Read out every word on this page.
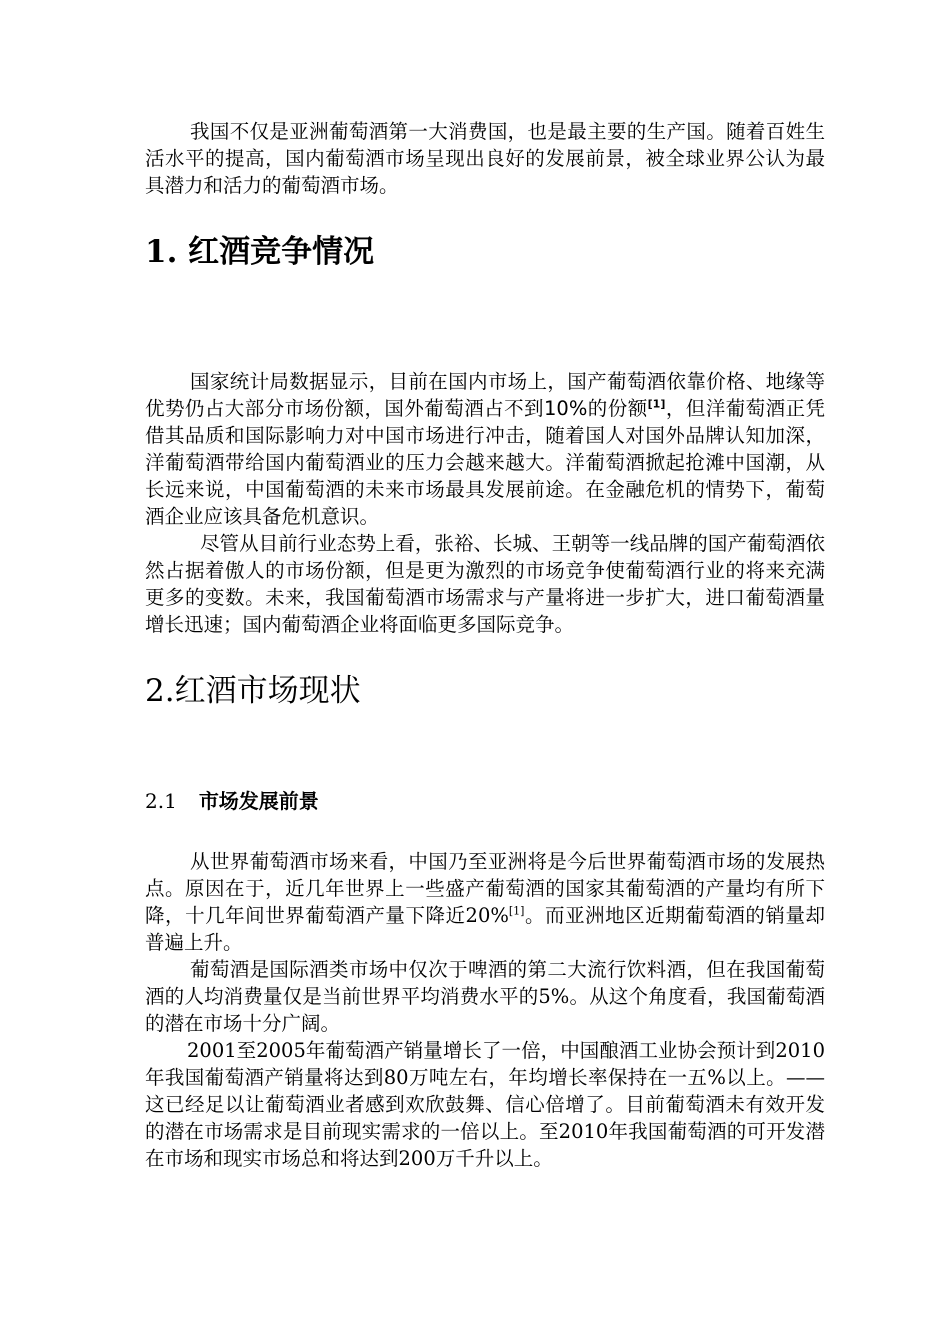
我国不仅是亚洲葡萄酒第一大消费国，也是最主要的生产国。随着百姓生活水平的提高，国内葡萄酒市场呈现出良好的发展前景，被全球业界公认为最具潜力和活力的葡萄酒市场。

1. 红酒竞争情况

国家统计局数据显示，目前在国内市场上，国产葡萄酒依靠价格、地缘等优势仍占大部分市场份额，国外葡萄酒占不到10%的份额[1]，但洋葡萄酒正凭借其品质和国际影响力对中国市场进行冲击，随着国人对国外品牌认知加深，洋葡萄酒带给国内葡萄酒业的压力会越来越大。洋葡萄酒掀起抢滩中国潮，从长远来说，中国葡萄酒的未来市场最具发展前途。在金融危机的情势下，葡萄酒企业应该具备危机意识。

尽管从目前行业态势上看，张裕、长城、王朝等一线品牌的国产葡萄酒依然占据着傲人的市场份额，但是更为激烈的市场竞争使葡萄酒行业的将来充满更多的变数。未来，我国葡萄酒市场需求与产量将进一步扩大，进口葡萄酒量增长迅速；国内葡萄酒企业将面临更多国际竞争。

2.红酒市场现状
2.1 市场发展前景

从世界葡萄酒市场来看，中国乃至亚洲将是今后世界葡萄酒市场的发展热点。原因在于，近几年世界上一些盛产葡萄酒的国家其葡萄酒的产量均有所下降，十几年间世界葡萄酒产量下降近20%[1]。而亚洲地区近期葡萄酒的销量却普遍上升。

葡萄酒是国际酒类市场中仅次于啤酒的第二大流行饮料酒，但在我国葡萄酒的人均消费量仅是当前世界平均消费水平的5%。从这个角度看，我国葡萄酒的潜在市场十分广阔。

2001至2005年葡萄酒产销量增长了一倍，中国酿酒工业协会预计到2010年我国葡萄酒产销量将达到80万吨左右，年均增长率保持在一五%以上。——这已经足以让葡萄酒业者感到欢欣鼓舞、信心倍增了。目前葡萄酒未有效开发的潜在市场需求是目前现实需求的一倍以上。至2010年我国葡萄酒的可开发潜在市场和现实市场总和将达到200万千升以上。
